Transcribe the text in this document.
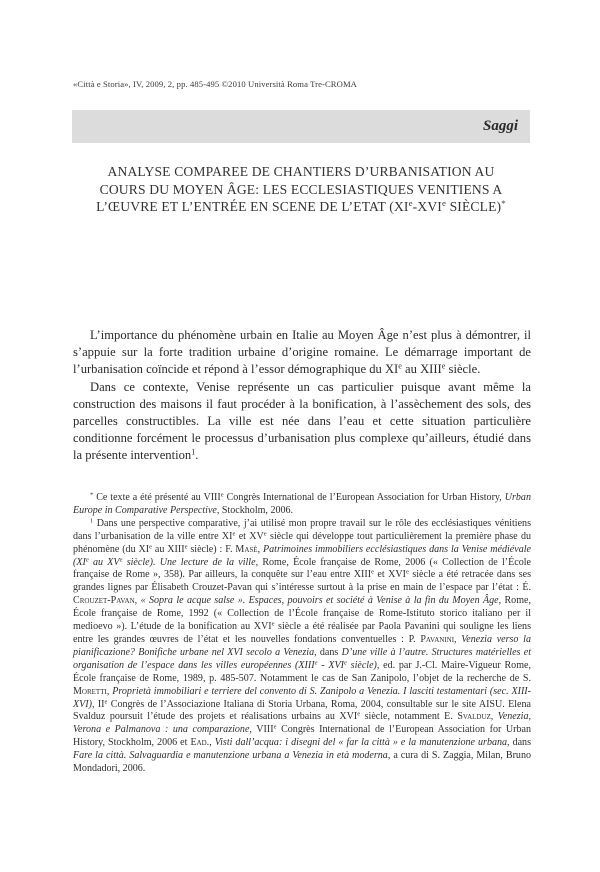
«Città e Storia», IV, 2009, 2, pp. 485-495 ©2010 Università Roma Tre-CROMA
Saggi
ANALYSE COMPAREE DE CHANTIERS D’URBANISATION AU
COURS DU MOYEN ÂGE: LES ECCLESIASTIQUES VENITIENS A
L’ŒUVRE ET L’ENTRÉE EN SCENE DE L’ETAT (XIe-XVIe SIÈCLE)*

L’importance du phénomène urbain en Italie au Moyen Âge n’est plus à démontrer, il s’appuie sur la forte tradition urbaine d’origine romaine. Le démarrage important de l’urbanisation coïncide et répond à l’essor démographique du XIe au XIIIe siècle.

Dans ce contexte, Venise représente un cas particulier puisque avant même la construction des maisons il faut procéder à la bonification, à l’assèchement des sols, des parcelles constructibles. La ville est née dans l’eau et cette situation particulière conditionne forcément le processus d’urbanisation plus complexe qu’ailleurs, étudié dans la présente intervention$^1$.

* Ce texte a été présenté au VIIIe Congrès International de l’European Association for Urban History, Urban Europe in Comparative Perspective, Stockholm, 2006.

$^1$ Dans une perspective comparative, j’ai utilisé mon propre travail sur le rôle des ecclésiastiques vénitiens dans l’urbanisation de la ville entre XIe et XVe siècle qui développe tout particulièrement la première phase du phénomène (du XIe au XIIIe siècle) : F. Masè, Patrimoines immobiliers ecclésiastiques dans la Venise médiévale (XIe au XVe siècle). Une lecture de la ville, Rome, École française de Rome, 2006 (« Collection de l’École française de Rome », 358). Par ailleurs, la conquête sur l’eau entre XIIIe et XVIe siècle a été retracée dans ses grandes lignes par Élisabeth Crouzet-Pavan qui s’intéresse surtout à la prise en main de l’espace par l’état : É. Crouzet-Pavan, « Sopra le acque salse ». Espaces, pouvoirs et société à Venise à la fin du Moyen Âge, Rome, École française de Rome, 1992 (« Collection de l’École française de Rome-Istituto storico italiano per il medioevo »). L’étude de la bonification au XVIe siècle a été réalisée par Paola Pavanini qui souligne les liens entre les grandes œuvres de l’état et les nouvelles fondations conventuelles : P. Pavanini, Venezia verso la pianificazione? Bonifiche urbane nel XVI secolo a Venezia, dans D’une ville à l’autre. Structures matérielles et organisation de l’espace dans les villes européennes (XIIIe - XVIe siècle), ed. par J.-Cl. Maire-Vigueur Rome, École française de Rome, 1989, p. 485-507. Notamment le cas de San Zanipolo, l’objet de la recherche de S. Moretti, Proprietà immobiliari e terriere del convento di S. Zanipolo a Venezia. I lasciti testamentari (sec. XIII-XVI), IIe Congrès de l’Associazione Italiana di Storia Urbana, Roma, 2004, consultable sur le site AISU. Elena Svalduz poursuit l’étude des projets et réalisations urbains au XVIe siècle, notamment E. Svalduz, Venezia, Verona e Palmanova : una comparazione, VIIIe Congrès International de l’European Association for Urban History, Stockholm, 2006 et Ead., Visti dall’acqua: i disegni del « far la città » e la manutenzione urbana, dans Fare la città. Salvaguardia e manutenzione urbana a Venezia in età moderna, a cura di S. Zaggia, Milan, Bruno Mondadori, 2006.
